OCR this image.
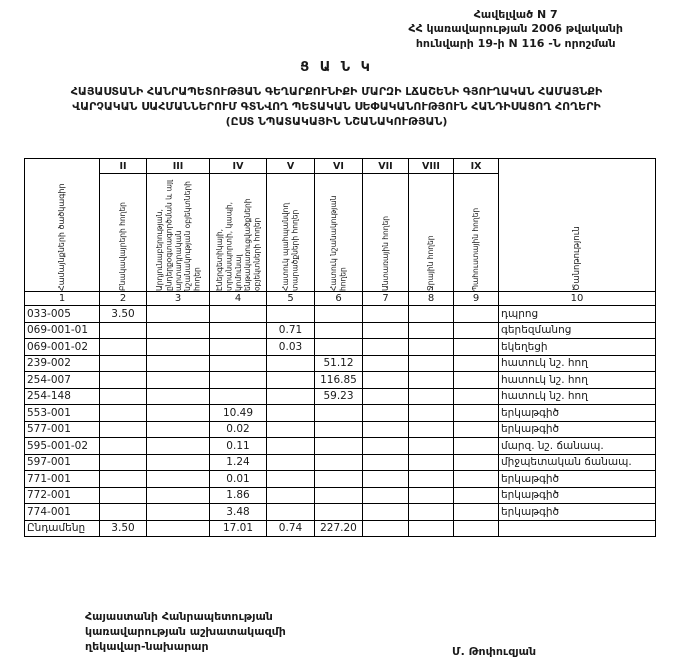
Հավելված N 7
ՀՀ կառավարության 2006 թվականի
հունվարի 19-ի N 116 -Ն որոշման
Ց Ա Ն Կ
ՀԱՅԱՍՏԱՆԻ ՀԱՆՐԱՊԵՏՈՒԹՅԱՆ ԳԵՂԱՐՔՈՒՆԻՔԻ ՄԱՐԶԻ ԼՃԱՇԵՆԻ ԳՅՈՒՂԱԿԱՆ ՀԱՄԱՅՆՔԻ
ՎԱՐՉԱԿԱՆ ՍԱՀՄԱՆՆԵՐՈՒՄ ԳՏՆՎՈՂ ՊԵՏԱԿԱՆ ՍԵՓԱԿԱՆՈՒԹՅՈՒՆ ՀԱՆԴԻՍԱՑՈՂ ՀՈՂԵՐԻ
(ԸՍՏ ՆՊԱՏԱԿԱՅԻՆ ՆՇԱՆԱԿՈՒԹՅԱՆ)
Համայնքների ծածկագիր	II	III	IV	V	VI	VII	VIII	IX	Ծանոթություն

	Բնակավայրերի հողեր	Արդյունաբերության, ընդերքօգտագործման և այլ արտադրական նշանակության օբյեկտների հողեր	Էներգետիկայի, տրանսպորտի, կապի, կոմունալ ենթակառուցվածքների օբյեկտների հողեր	Հատուկ պահպանվող տարածքների հողեր	Հատուկ նշանակության հողեր	Անտառային հողեր	Ջրային հողեր	Պահուստային հողեր	

1	2	3	4	5	6	7	8	9	10
033-005	3.50								դպրոց
069-001-01				0.71					գերեզմանոց
069-001-02				0.03					եկեղեցի
239-002					51.12				հատուկ նշ. հող
254-007					116.85				հատուկ նշ. հող
254-148					59.23				հատուկ նշ. հող
553-001			10.49						երկաթգիծ
577-001			0.02						երկաթգիծ
595-001-02			0.11						մարզ. նշ. ճանապ.
597-001			1.24						միջպետական ճանապ.
771-001			0.01						երկաթգիծ
772-001			1.86						երկաթգիծ
774-001			3.48						երկաթգիծ
Ընդամենը	3.50		17.01	0.74	227.20				
Հայաստանի Հանրապետության
կառավարության աշխատակազմի
ղեկավար-նախարար	Մ. Թոփուզյան
